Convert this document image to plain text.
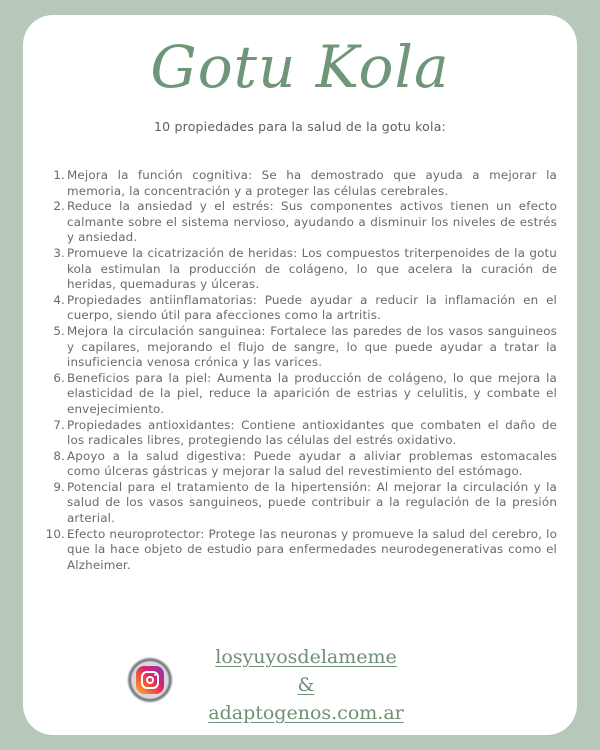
Gotu Kola
10 propiedades para la salud de la gotu kola:
1. Mejora la función cognitiva: Se ha demostrado que ayuda a mejorar la memoria, la concentración y a proteger las células cerebrales.
2. Reduce la ansiedad y el estrés: Sus componentes activos tienen un efecto calmante sobre el sistema nervioso, ayudando a disminuir los niveles de estrés y ansiedad.
3. Promueve la cicatrización de heridas: Los compuestos triterpenoides de la gotu kola estimulan la producción de colágeno, lo que acelera la curación de heridas, quemaduras y úlceras.
4. Propiedades antiinflamatorias: Puede ayudar a reducir la inflamación en el cuerpo, siendo útil para afecciones como la artritis.
5. Mejora la circulación sanguinea: Fortalece las paredes de los vasos sanguineos y capilares, mejorando el flujo de sangre, lo que puede ayudar a tratar la insuficiencia venosa crónica y las varices.
6. Beneficios para la piel: Aumenta la producción de colágeno, lo que mejora la elasticidad de la piel, reduce la aparición de estrias y celulitis, y combate el envejecimiento.
7. Propiedades antioxidantes: Contiene antioxidantes que combaten el daño de los radicales libres, protegiendo las células del estrés oxidativo.
8. Apoyo a la salud digestiva: Puede ayudar a aliviar problemas estomacales como úlceras gástricas y mejorar la salud del revestimiento del estómago.
9. Potencial para el tratamiento de la hipertensión: Al mejorar la circulación y la salud de los vasos sanguineos, puede contribuir a la regulación de la presión arterial.
10. Efecto neuroprotector: Protege las neuronas y promueve la salud del cerebro, lo que la hace objeto de estudio para enfermedades neurodegenerativas como el Alzheimer.
losyuyosdelameme
&
adaptogenos.com.ar
